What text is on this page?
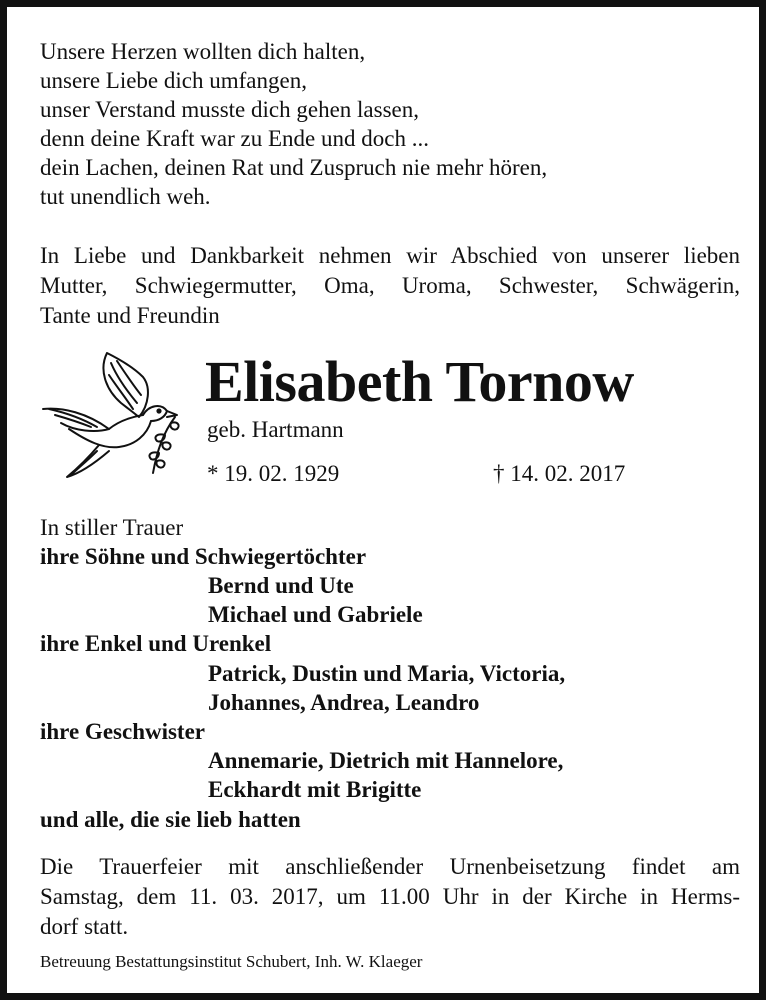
Unsere Herzen wollten dich halten,
unsere Liebe dich umfangen,
unser Verstand musste dich gehen lassen,
denn deine Kraft war zu Ende und doch ...
dein Lachen, deinen Rat und Zuspruch nie mehr hören,
tut unendlich weh.
In Liebe und Dankbarkeit nehmen wir Abschied von unserer lieben
Mutter, Schwiegermutter, Oma, Uroma, Schwester, Schwägerin,
Tante und Freundin
Elisabeth Tornow
geb. Hartmann
* 19. 02. 1929	† 14. 02. 2017
In stiller Trauer
ihre Söhne und Schwiegertöchter
Bernd und Ute
Michael und Gabriele
ihre Enkel und Urenkel
Patrick, Dustin und Maria, Victoria,
Johannes, Andrea, Leandro
ihre Geschwister
Annemarie, Dietrich mit Hannelore,
Eckhardt mit Brigitte
und alle, die sie lieb hatten
Die Trauerfeier mit anschließender Urnenbeisetzung findet am
Samstag, dem 11. 03. 2017, um 11.00 Uhr in der Kirche in Herms-
dorf statt.
Betreuung Bestattungsinstitut Schubert, Inh. W. Klaeger
